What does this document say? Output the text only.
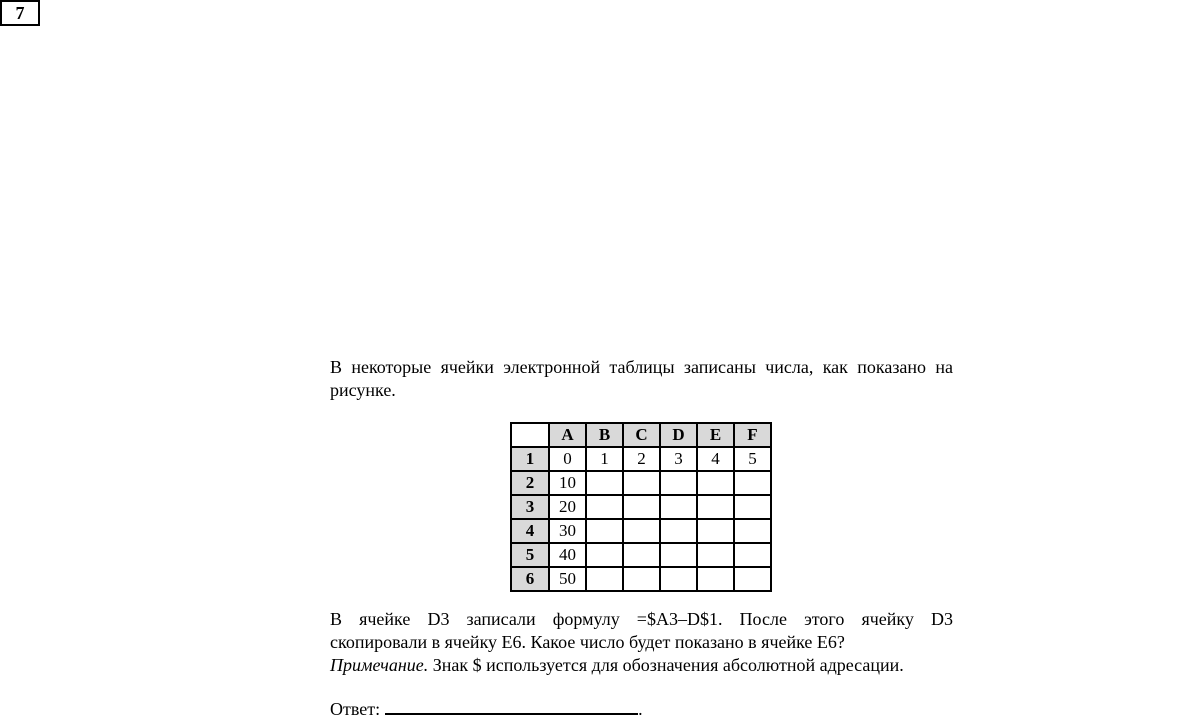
7
В некоторые ячейки электронной таблицы записаны числа, как показано на
рисунке.
	A	B	C	D	E	F
1	0	1	2	3	4	5
2	10					
3	20					
4	30					
5	40					
6	50					
В ячейке D3 записали формулу =$A3–D$1. После этого ячейку D3
скопировали в ячейку E6. Какое число будет показано в ячейке E6?
Примечание. Знак $ используется для обозначения абсолютной адресации.
Ответ:	.
